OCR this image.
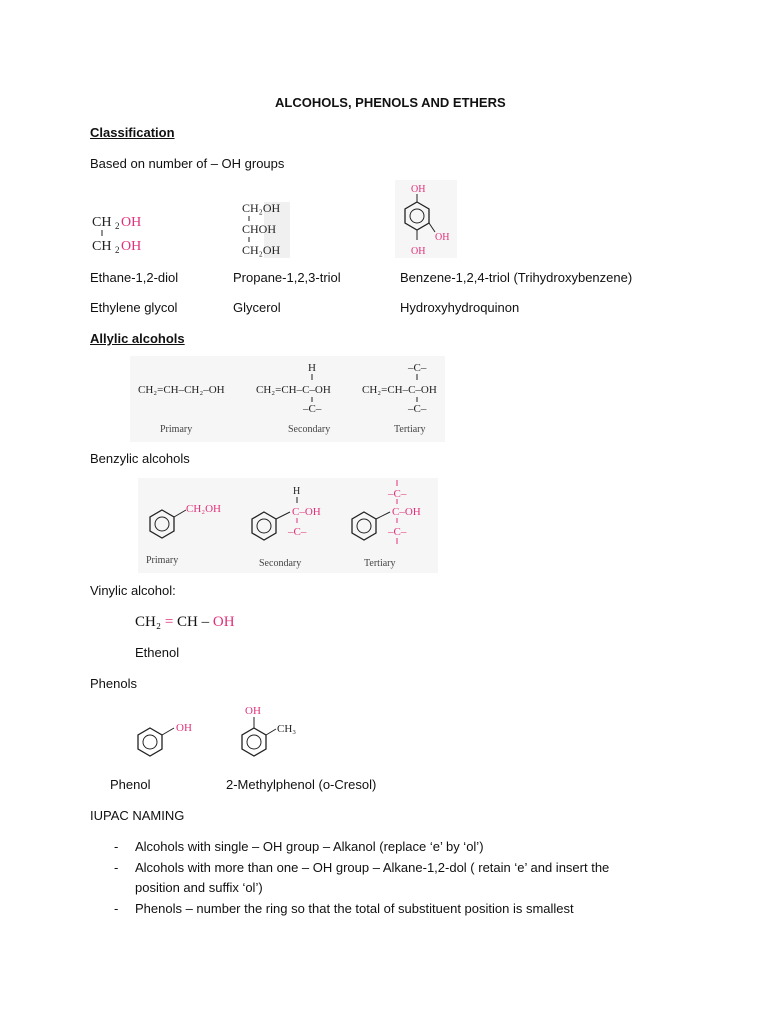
ALCOHOLS, PHENOLS AND ETHERS
Classification
Based on number of – OH groups
CH 2 OH
CH 2 OH
CH₂OH
CHOH
CH₂OH
OH
OH
OH
Ethane-1,2-diol	Propane-1,2,3-triol	Benzene-1,2,4-triol (Trihydroxybenzene)
Ethylene glycol	Glycerol	Hydroxyhydroquinon
Allylic alcohols
CH₂=CH–CH₂–OH
Primary
H
CH₂=CH–C–OH
–C–
Secondary
–C–
CH₂=CH–C–OH
–C–
Tertiary
Benzylic alcohols
CH₂OH
Primary
H
C–OH
–C–
Secondary
–C–
C–OH
–C–
Tertiary
Vinylic alcohol:
CH₂ = CH – OH
Ethenol
Phenols
OH
OH
CH₃
Phenol	2-Methylphenol (o-Cresol)
IUPAC NAMING
- Alcohols with single – OH group – Alkanol (replace ‘e’ by ‘ol’)
- Alcohols with more than one – OH group – Alkane-1,2-dol ( retain ‘e’ and insert the
position and suffix ‘ol’)
- Phenols – number the ring so that the total of substituent position is smallest
